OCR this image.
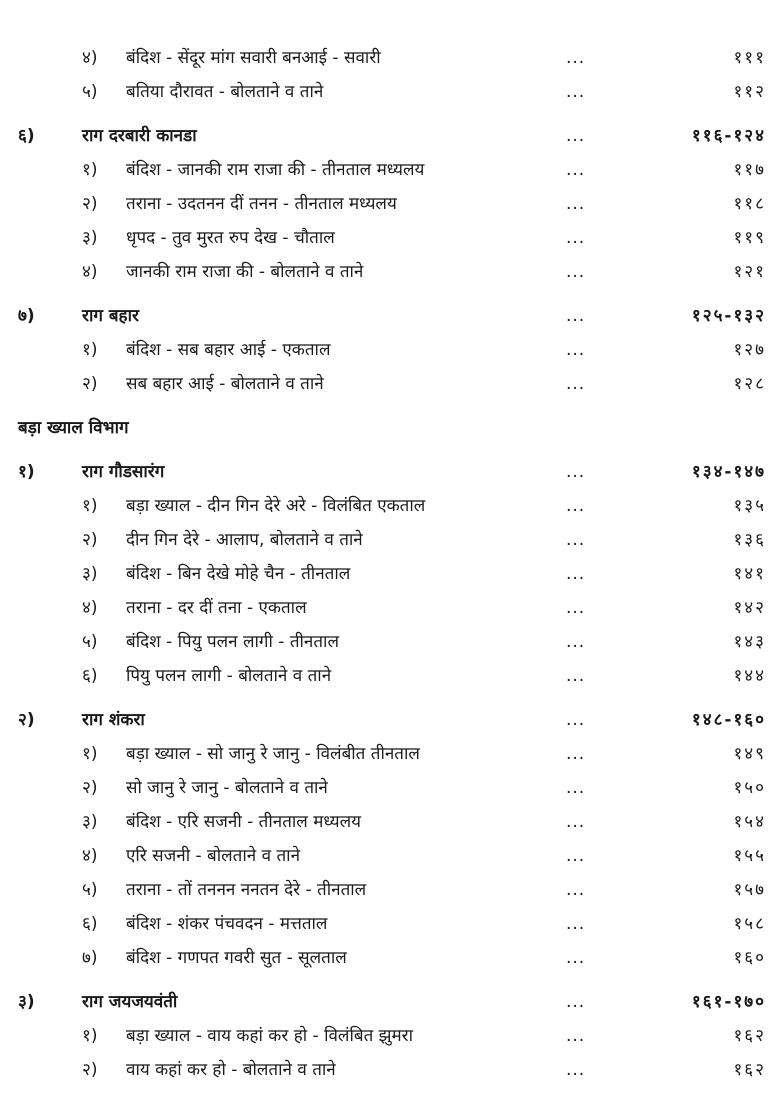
४) बंदिश - सेंदूर मांग सवारी बनआई - सवारी	...	१११
५) बतिया दौरावत - बोलताने व ताने	...	११२
६)	राग दरबारी कानडा	...	११६-१२४
१) बंदिश - जानकी राम राजा की - तीनताल मध्यलय	...	११७
२) तराना - उदतनन दीं तनन - तीनताल मध्यलय	...	११८
३) धृपद - तुव मुरत रुप देख - चौताल	...	११९
४) जानकी राम राजा की - बोलताने व ताने	...	१२१
७)	राग बहार	...	१२५-१३२
१) बंदिश - सब बहार आई - एकताल	...	१२७
२) सब बहार आई - बोलताने व ताने	...	१२८
बड़ा ख्याल विभाग
१)	राग गौडसारंग	...	१३४-१४७
१) बड़ा ख्याल - दीन गिन देरे अरे - विलंबित एकताल	...	१३५
२) दीन गिन देरे - आलाप, बोलताने व ताने	...	१३६
३) बंदिश - बिन देखे मोहे चैन - तीनताल	...	१४१
४) तराना - दर दीं तना - एकताल	...	१४२
५) बंदिश - पियु पलन लागी - तीनताल	...	१४३
६) पियु पलन लागी - बोलताने व ताने	...	१४४
२)	राग शंकरा	...	१४८-१६०
१) बड़ा ख्याल - सो जानु रे जानु - विलंबीत तीनताल	...	१४९
२) सो जानु रे जानु - बोलताने व ताने	...	१५०
३) बंदिश - एरि सजनी - तीनताल मध्यलय	...	१५४
४) एरि सजनी - बोलताने व ताने	...	१५५
५) तराना - तों तननन ननतन देरे - तीनताल	...	१५७
६) बंदिश - शंकर पंचवदन - मत्तताल	...	१५८
७) बंदिश - गणपत गवरी सुत - सूलताल	...	१६०
३)	राग जयजयवंती	...	१६१-१७०
१) बड़ा ख्याल - वाय कहां कर हो - विलंबित झुमरा	...	१६२
२) वाय कहां कर हो - बोलताने व ताने	...	१६२
